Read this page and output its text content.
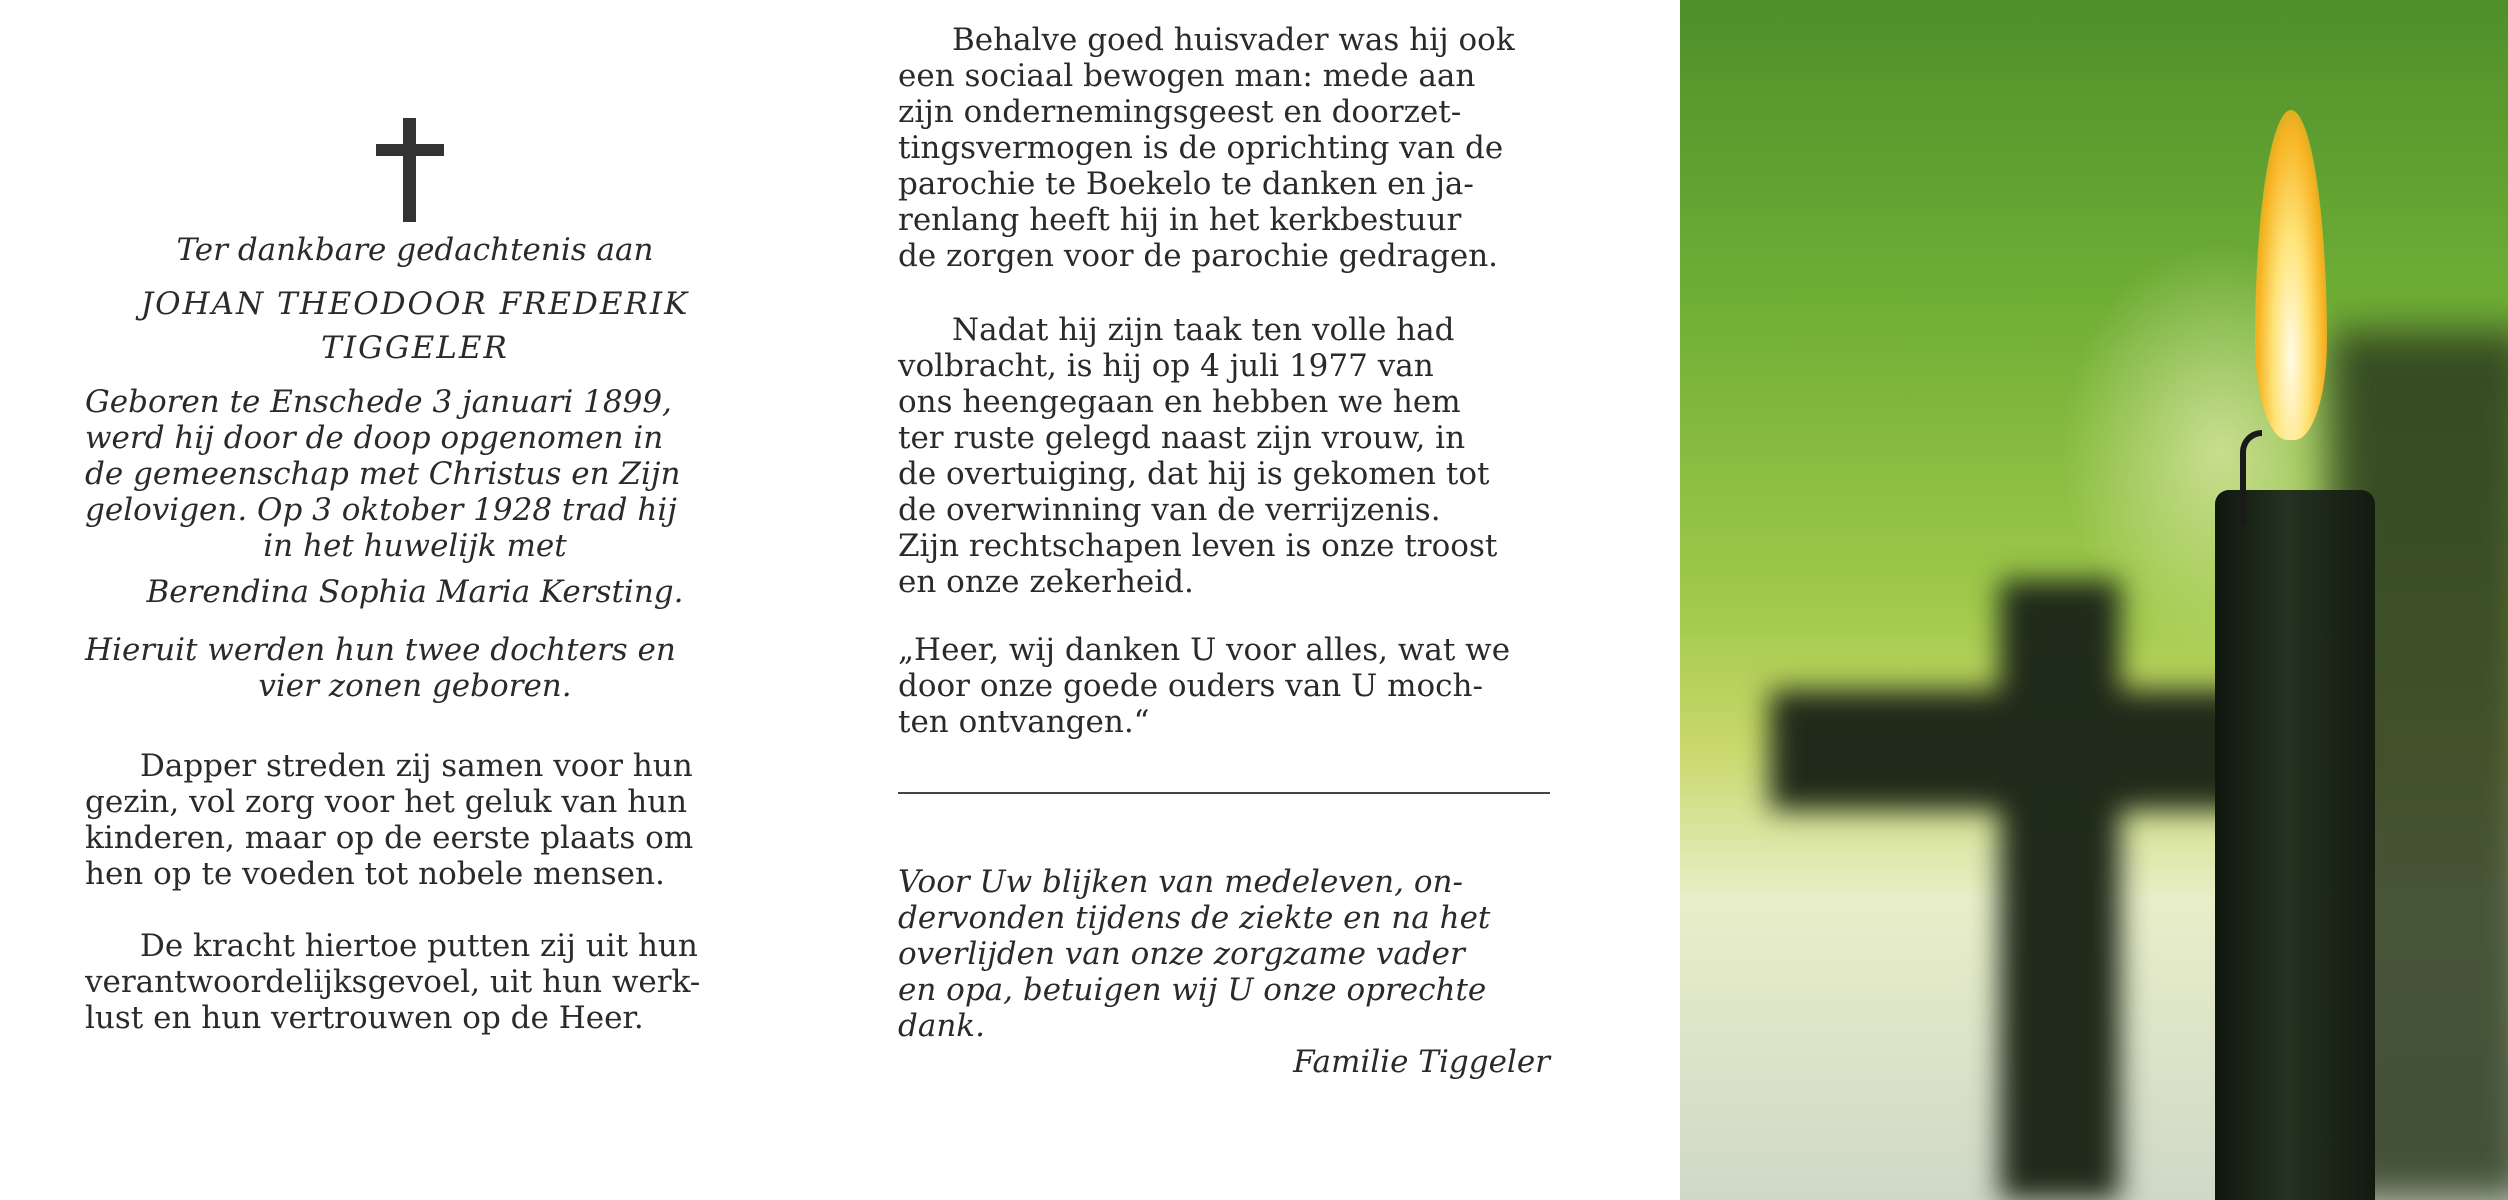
Ter dankbare gedachtenis aan
JOHAN THEODOOR FREDERIK
TIGGELER
Geboren te Enschede 3 januari 1899,
werd hij door de doop opgenomen in
de gemeenschap met Christus en Zijn
gelovigen. Op 3 oktober 1928 trad hij
in het huwelijk met
Berendina Sophia Maria Kersting.
Hieruit werden hun twee dochters en
vier zonen geboren.
Dapper streden zij samen voor hun
gezin, vol zorg voor het geluk van hun
kinderen, maar op de eerste plaats om
hen op te voeden tot nobele mensen.
De kracht hiertoe putten zij uit hun
verantwoordelijksgevoel, uit hun werk-
lust en hun vertrouwen op de Heer.
Behalve goed huisvader was hij ook
een sociaal bewogen man: mede aan
zijn ondernemingsgeest en doorzet-
tingsvermogen is de oprichting van de
parochie te Boekelo te danken en ja-
renlang heeft hij in het kerkbestuur
de zorgen voor de parochie gedragen.
Nadat hij zijn taak ten volle had
volbracht, is hij op 4 juli 1977 van
ons heengegaan en hebben we hem
ter ruste gelegd naast zijn vrouw, in
de overtuiging, dat hij is gekomen tot
de overwinning van de verrijzenis.
Zijn rechtschapen leven is onze troost
en onze zekerheid.
„Heer, wij danken U voor alles, wat we
door onze goede ouders van U moch-
ten ontvangen.“
Voor Uw blijken van medeleven, on-
dervonden tijdens de ziekte en na het
overlijden van onze zorgzame vader
en opa, betuigen wij U onze oprechte
dank.
Familie Tiggeler
